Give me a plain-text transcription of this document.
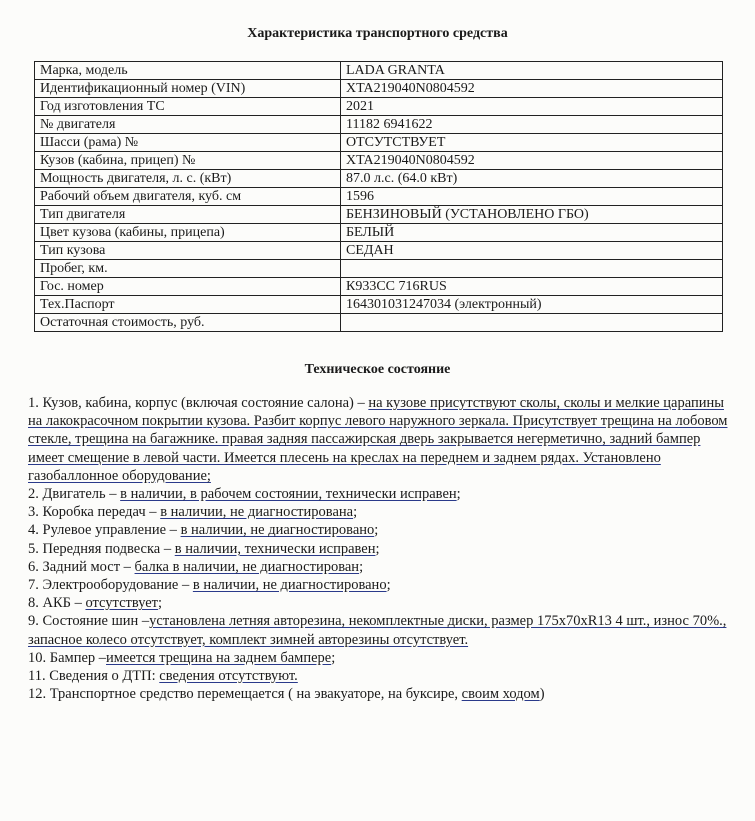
Характеристика транспортного средства
Марка, модель	LADA GRANTA
Идентификационный номер (VIN)	XTA219040N0804592
Год изготовления ТС	2021
№ двигателя	11182 6941622
Шасси (рама) №	ОТСУТСТВУЕТ
Кузов (кабина, прицеп) №	XTA219040N0804592
Мощность двигателя, л. с. (кВт)	87.0 л.с. (64.0 кВт)
Рабочий объем двигателя, куб. см	1596
Тип двигателя	БЕНЗИНОВЫЙ (УСТАНОВЛЕНО ГБО)
Цвет кузова (кабины, прицепа)	БЕЛЫЙ
Тип кузова	СЕДАН
Пробег, км.	
Гос. номер	К933СС 716RUS
Тех.Паспорт	164301031247034 (электронный)
Остаточная стоимость, руб.	
Техническое состояние

1. Кузов, кабина, корпус (включая состояние салона) – на кузове присутствуют сколы, сколы и мелкие царапины на лакокрасочном покрытии кузова. Разбит корпус левого наружного зеркала. Присутствует трещина на лобовом стекле, трещина на багажнике. правая задняя пассажирская дверь закрывается негерметично, задний бампер имеет смещение в левой части. Имеется плесень на креслах на переднем и заднем рядах. Установлено газобаллонное оборудование;

2. Двигатель – в наличии, в рабочем состоянии, технически исправен;

3. Коробка передач – в наличии, не диагностирована;

4. Рулевое управление – в наличии, не диагностировано;

5. Передняя подвеска – в наличии, технически исправен;

6. Задний мост – балка в наличии, не диагностирован;

7. Электрооборудование – в наличии, не диагностировано;

8. АКБ – отсутствует;

9. Состояние шин –установлена летняя авторезина, некомплектные диски, размер 175х70хR13 4 шт., износ 70%., запасное колесо отсутствует, комплект зимней авторезины отсутствует.

10. Бампер –имеется трещина на заднем бампере;

11. Сведения о ДТП: сведения отсутствуют.

12. Транспортное средство перемещается ( на эвакуаторе, на буксире, своим ходом)
